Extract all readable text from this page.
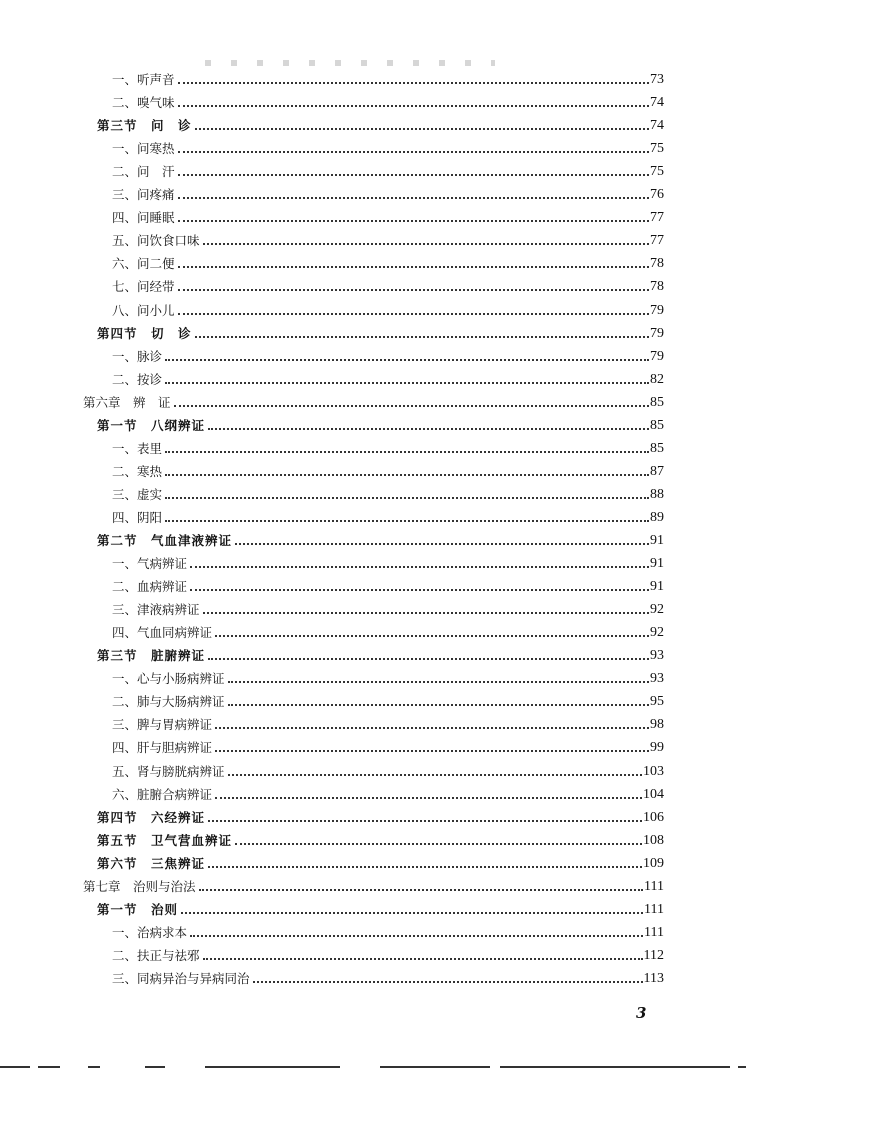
一、听声音	73
二、嗅气味	74
第三节　问　诊	74
一、问寒热	75
二、问　汗	75
三、问疼痛	76
四、问睡眠	77
五、问饮食口味	77
六、问二便	78
七、问经带	78
八、问小儿	79
第四节　切　诊	79
一、脉诊	79
二、按诊	82
第六章　辨　证	85
第一节　八纲辨证	85
一、表里	85
二、寒热	87
三、虚实	88
四、阴阳	89
第二节　气血津液辨证	91
一、气病辨证	91
二、血病辨证	91
三、津液病辨证	92
四、气血同病辨证	92
第三节　脏腑辨证	93
一、心与小肠病辨证	93
二、肺与大肠病辨证	95
三、脾与胃病辨证	98
四、肝与胆病辨证	99
五、肾与膀胱病辨证	103
六、脏腑合病辨证	104
第四节　六经辨证	106
第五节　卫气营血辨证	108
第六节　三焦辨证	109
第七章　治则与治法	111
第一节　治则	111
一、治病求本	111
二、扶正与祛邪	112
三、同病异治与异病同治	113
3
